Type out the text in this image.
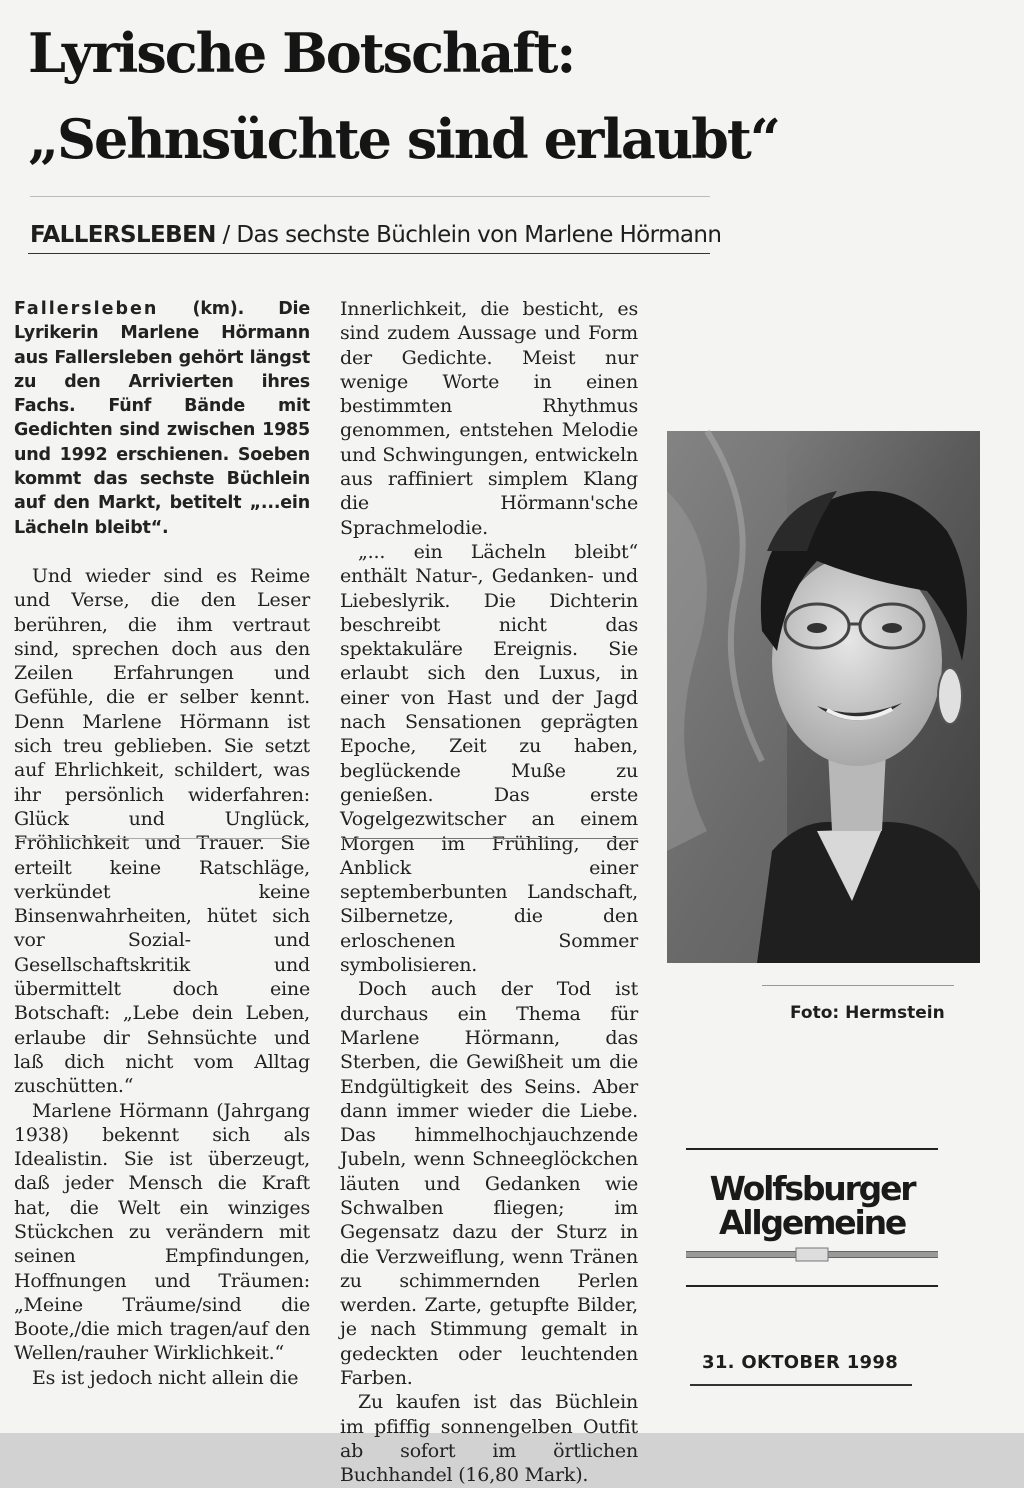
Lyrische Botschaft:
„Sehnsüchte sind erlaubt“

FALLERSLEBEN / Das sechste Büchlein von Marlene Hörmann

Fallersleben (km). Die Lyrikerin Marlene Hörmann aus Fallersleben gehört längst zu den Arrivierten ihres Fachs. Fünf Bände mit Gedichten sind zwischen 1985 und 1992 erschienen. Soeben kommt das sechste Büchlein auf den Markt, betitelt „...ein Lächeln bleibt“.

Und wieder sind es Reime und Verse, die den Leser berühren, die ihm vertraut sind, sprechen doch aus den Zeilen Erfahrungen und Gefühle, die er selber kennt. Denn Marlene Hörmann ist sich treu geblieben. Sie setzt auf Ehrlichkeit, schildert, was ihr persönlich widerfahren: Glück und Unglück, Fröhlichkeit und Trauer. Sie erteilt keine Ratschläge, verkündet keine Binsenwahrheiten, hütet sich vor Sozial- und Gesellschaftskritik und übermittelt doch eine Botschaft: „Lebe dein Leben, erlaube dir Sehnsüchte und laß dich nicht vom Alltag zuschütten.“

Marlene Hörmann (Jahrgang 1938) bekennt sich als Idealistin. Sie ist überzeugt, daß jeder Mensch die Kraft hat, die Welt ein winziges Stückchen zu verändern mit seinen Empfindungen, Hoffnungen und Träumen: „Meine Träume/sind die Boote,/die mich tragen/auf den Wellen/rauher Wirklichkeit.“

Es ist jedoch nicht allein die

Innerlichkeit, die besticht, es sind zudem Aussage und Form der Gedichte. Meist nur wenige Worte in einen bestimmten Rhythmus genommen, entstehen Melodie und Schwingungen, entwickeln aus raffiniert simplem Klang die Hörmann'sche Sprachmelodie.

„... ein Lächeln bleibt“ enthält Natur-, Gedanken- und Liebeslyrik. Die Dichterin beschreibt nicht das spektakuläre Ereignis. Sie erlaubt sich den Luxus, in einer von Hast und der Jagd nach Sensationen geprägten Epoche, Zeit zu haben, beglückende Muße zu genießen. Das erste Vogelgezwitscher an einem Morgen im Frühling, der Anblick einer septemberbunten Landschaft, Silbernetze, die den erloschenen Sommer symbolisieren.

Doch auch der Tod ist durchaus ein Thema für Marlene Hörmann, das Sterben, die Gewißheit um die Endgültigkeit des Seins. Aber dann immer wieder die Liebe. Das himmelhochjauchzende Jubeln, wenn Schneeglöckchen läuten und Gedanken wie Schwalben fliegen; im Gegensatz dazu der Sturz in die Verzweiflung, wenn Tränen zu schimmernden Perlen werden. Zarte, getupfte Bilder, je nach Stimmung gemalt in gedeckten oder leuchtenden Farben.

Zu kaufen ist das Büchlein im pfiffig sonnengelben Outfit ab sofort im örtlichen Buchhandel (16,80 Mark).

Foto: Hermstein

Wolfsburger

Allgemeine

31. OKTOBER 1998
